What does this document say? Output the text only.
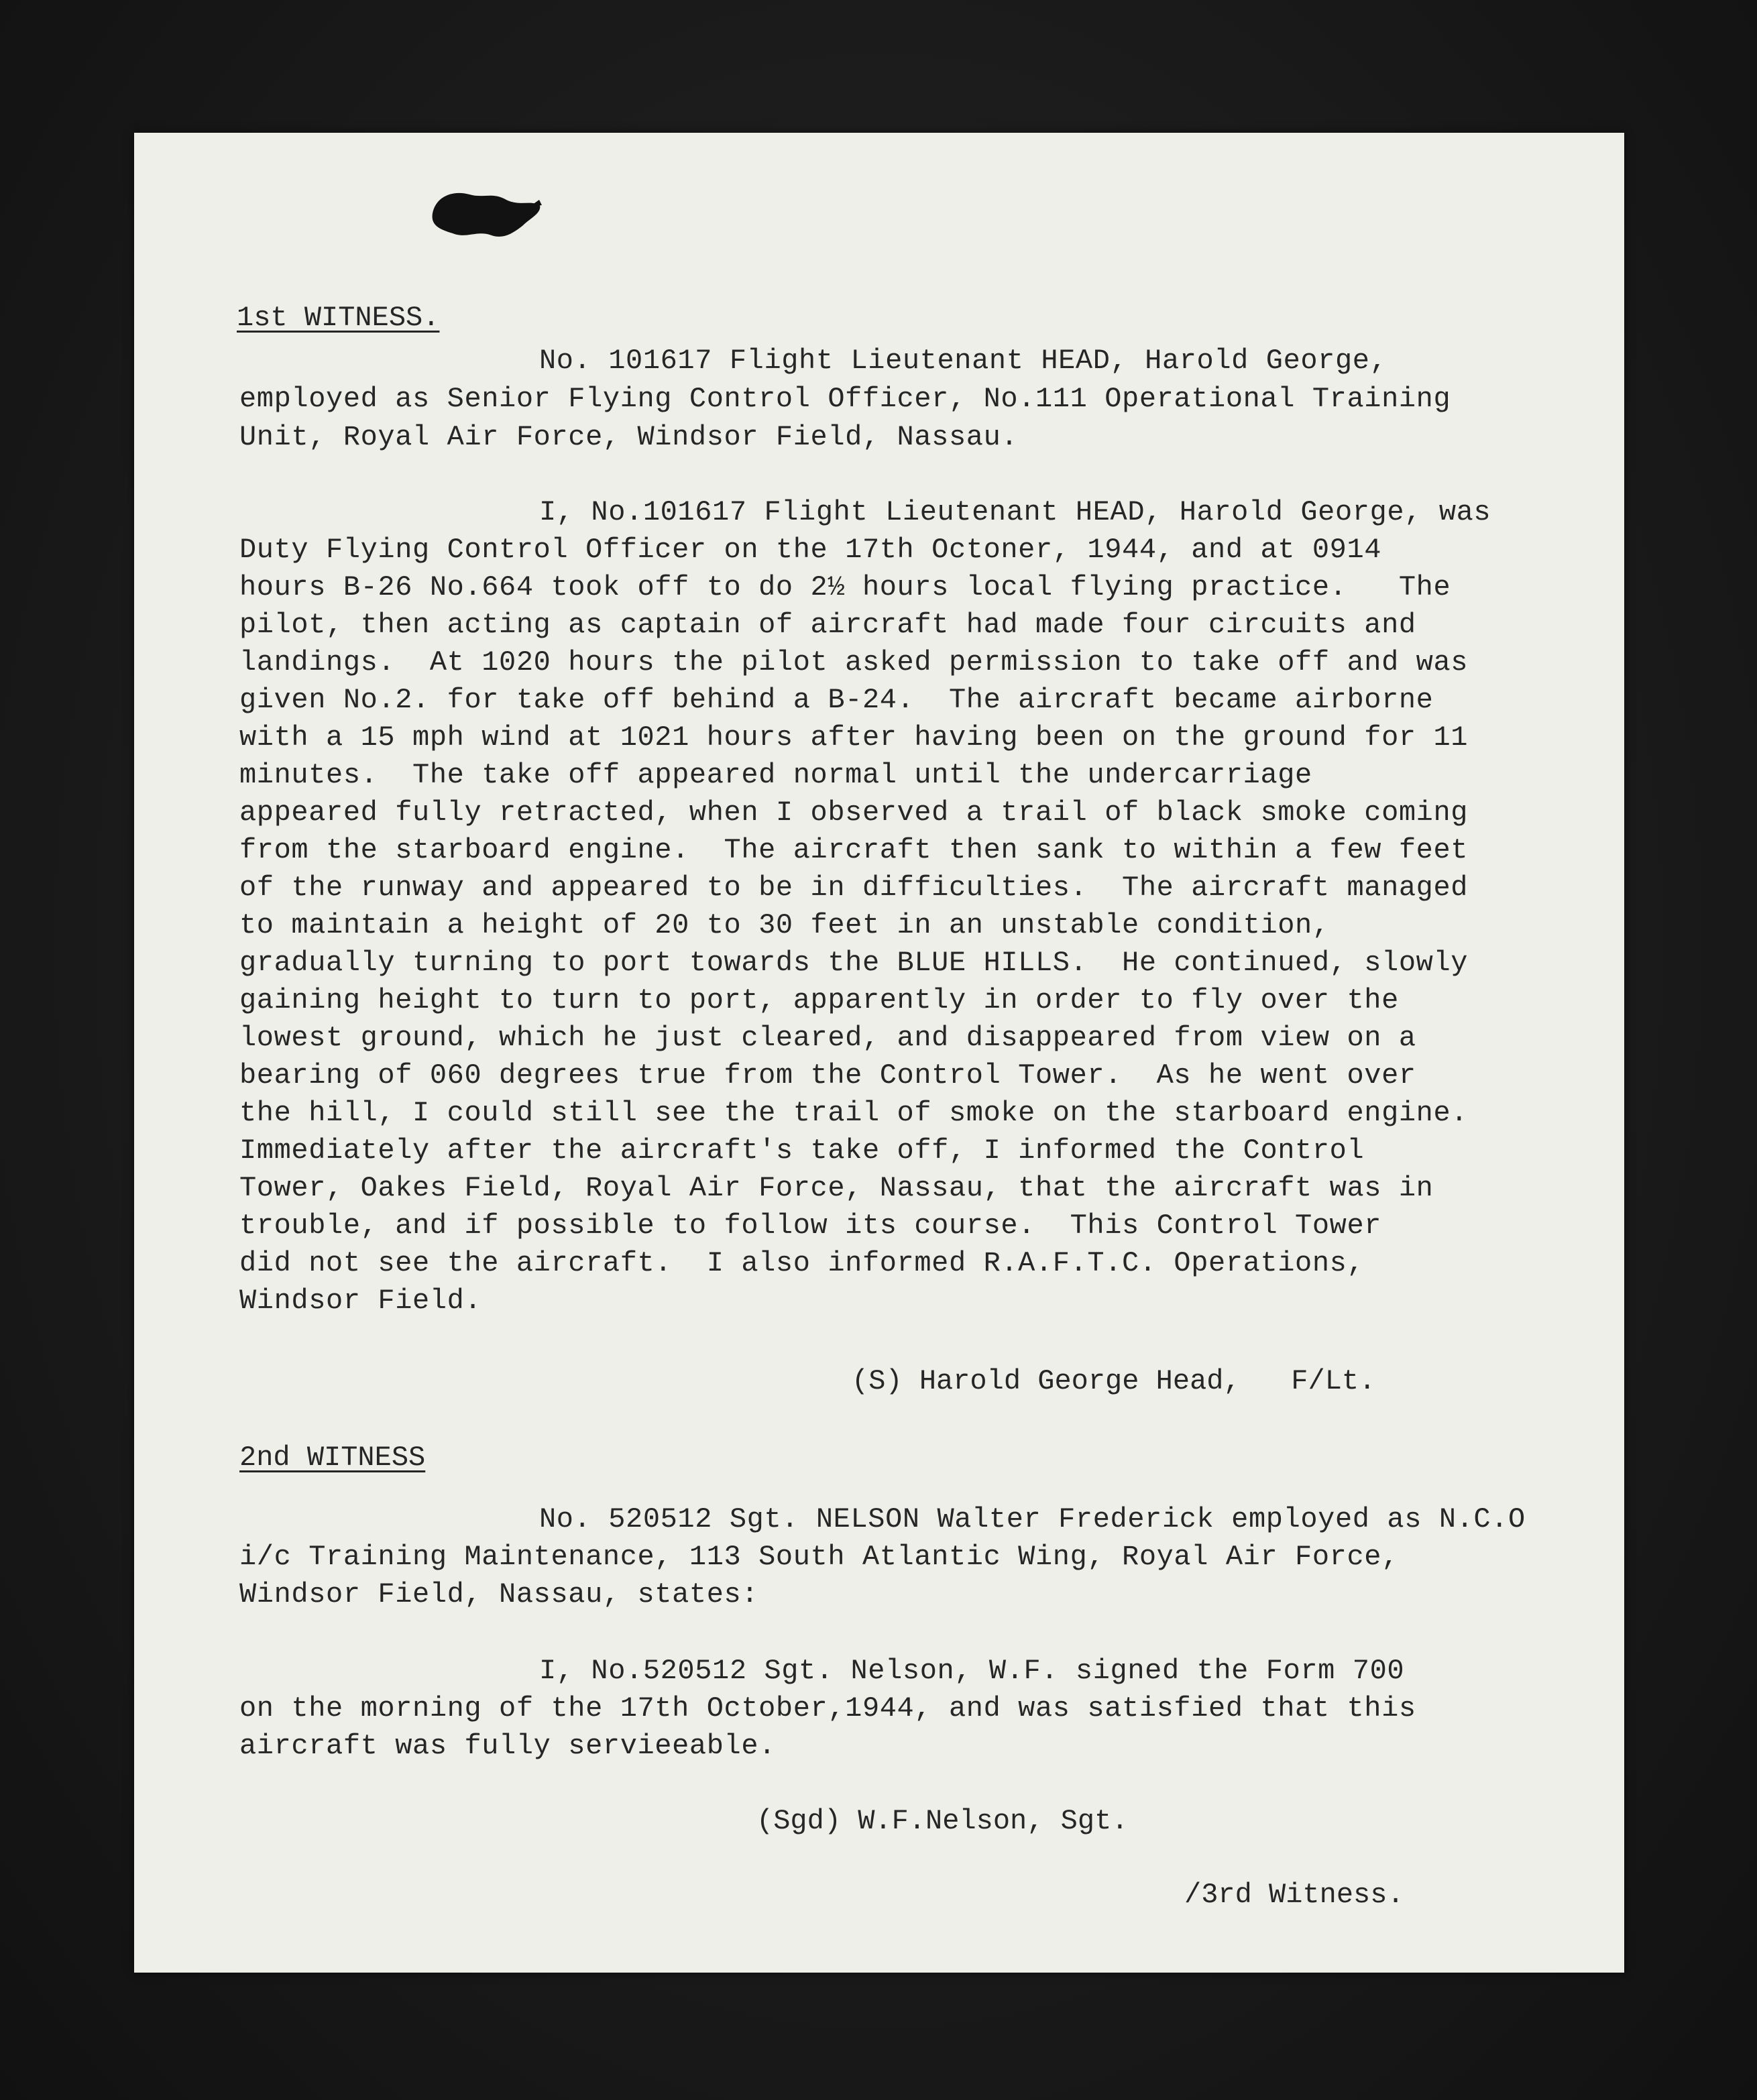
1st WITNESS.
No. 101617 Flight Lieutenant HEAD, Harold George,
employed as Senior Flying Control Officer, No.111 Operational Training
Unit, Royal Air Force, Windsor Field, Nassau.
I, No.101617 Flight Lieutenant HEAD, Harold George, was
Duty Flying Control Officer on the 17th Octoner, 1944, and at 0914
hours B-26 No.664 took off to do 2½ hours local flying practice.   The
pilot, then acting as captain of aircraft had made four circuits and
landings.  At 1020 hours the pilot asked permission to take off and was
given No.2. for take off behind a B-24.  The aircraft became airborne
with a 15 mph wind at 1021 hours after having been on the ground for 11
minutes.  The take off appeared normal until the undercarriage
appeared fully retracted, when I observed a trail of black smoke coming
from the starboard engine.  The aircraft then sank to within a few feet
of the runway and appeared to be in difficulties.  The aircraft managed
to maintain a height of 20 to 30 feet in an unstable condition,
gradually turning to port towards the BLUE HILLS.  He continued, slowly
gaining height to turn to port, apparently in order to fly over the
lowest ground, which he just cleared, and disappeared from view on a
bearing of 060 degrees true from the Control Tower.  As he went over
the hill, I could still see the trail of smoke on the starboard engine.
Immediately after the aircraft's take off, I informed the Control
Tower, Oakes Field, Royal Air Force, Nassau, that the aircraft was in
trouble, and if possible to follow its course.  This Control Tower
did not see the aircraft.  I also informed R.A.F.T.C. Operations,
Windsor Field.
(S) Harold George Head,   F/Lt.
2nd WITNESS
No. 520512 Sgt. NELSON Walter Frederick employed as N.C.O
i/c Training Maintenance, 113 South Atlantic Wing, Royal Air Force,
Windsor Field, Nassau, states:
I, No.520512 Sgt. Nelson, W.F. signed the Form 700
on the morning of the 17th October,1944, and was satisfied that this
aircraft was fully servieeable.
(Sgd) W.F.Nelson, Sgt.
/3rd Witness.
